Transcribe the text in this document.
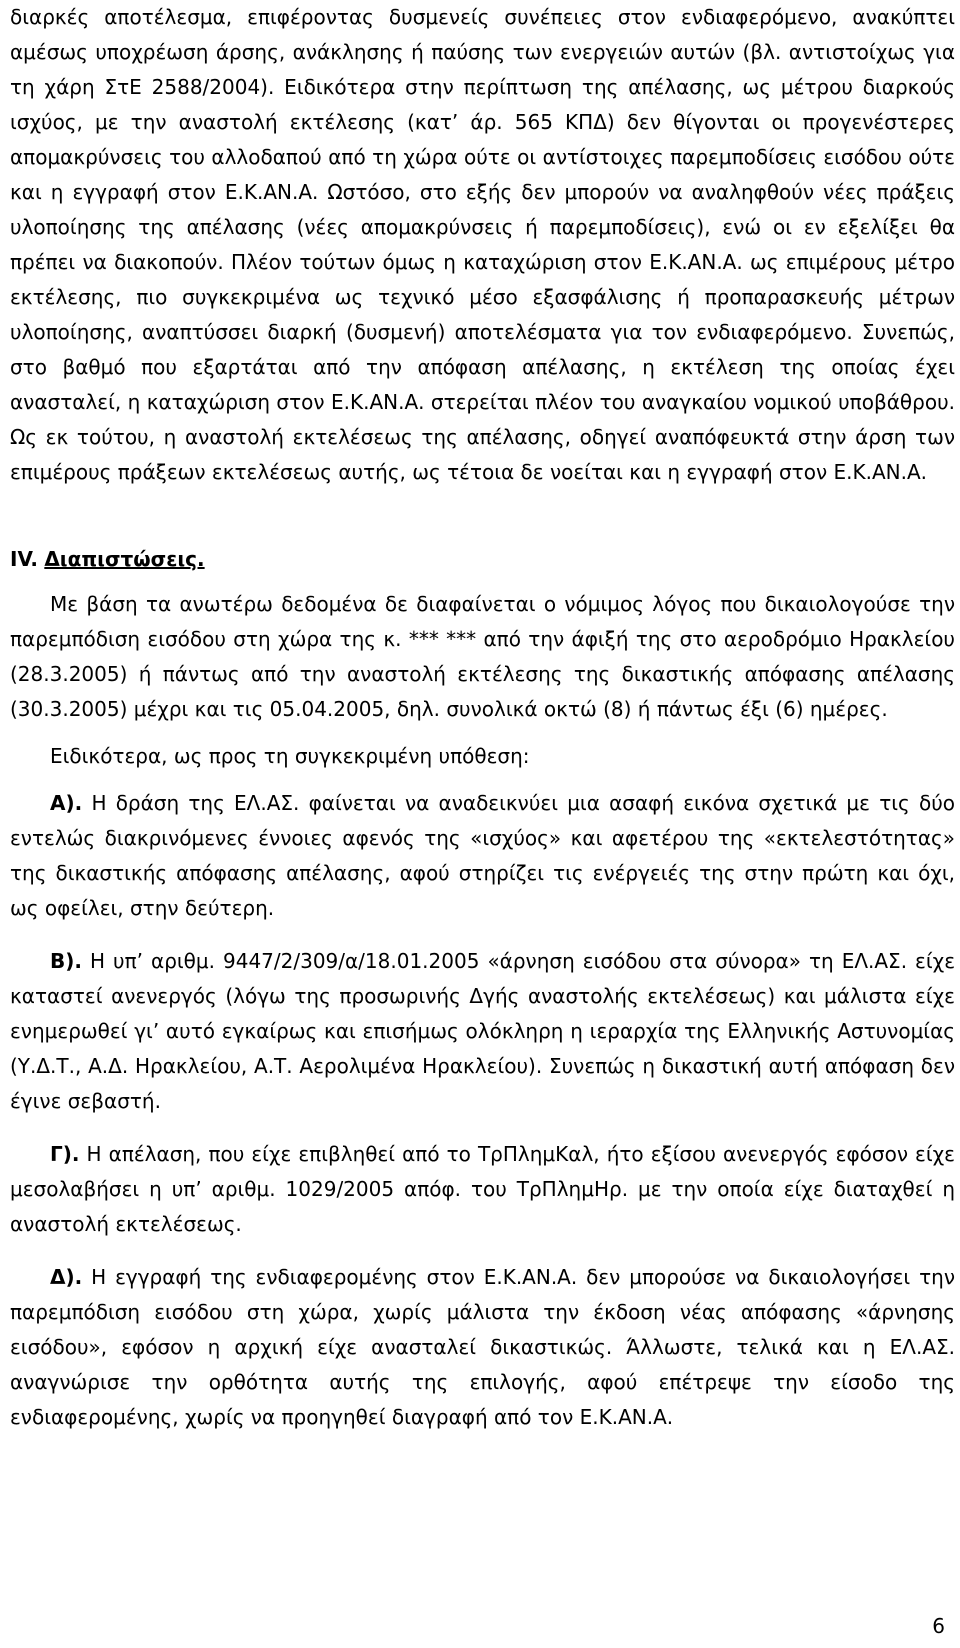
διαρκές αποτέλεσμα, επιφέροντας δυσμενείς συνέπειες στον ενδιαφερόμενο, ανακύπτει αμέσως υποχρέωση άρσης, ανάκλησης ή παύσης των ενεργειών αυτών (βλ. αντιστοίχως για τη χάρη ΣτΕ 2588/2004). Ειδικότερα στην περίπτωση της απέλασης, ως μέτρου διαρκούς ισχύος, με την αναστολή εκτέλεσης (κατ’ άρ. 565 ΚΠΔ) δεν θίγονται οι προγενέστερες απομακρύνσεις του αλλοδαπού από τη χώρα ούτε οι αντίστοιχες παρεμποδίσεις εισόδου ούτε και η εγγραφή στον Ε.Κ.ΑΝ.Α. Ωστόσο, στο εξής δεν μπορούν να αναληφθούν νέες πράξεις υλοποίησης της απέλασης (νέες απομακρύνσεις ή παρεμποδίσεις), ενώ οι εν εξελίξει θα πρέπει να διακοπούν. Πλέον τούτων όμως η καταχώριση στον Ε.Κ.ΑΝ.Α. ως επιμέρους μέτρο εκτέλεσης, πιο συγκεκριμένα ως τεχνικό μέσο εξασφάλισης ή προπαρασκευής μέτρων υλοποίησης, αναπτύσσει διαρκή (δυσμενή) αποτελέσματα για τον ενδιαφερόμενο. Συνεπώς, στο βαθμό που εξαρτάται από την απόφαση απέλασης, η εκτέλεση της οποίας έχει ανασταλεί, η καταχώριση στον Ε.Κ.ΑΝ.Α. στερείται πλέον του αναγκαίου νομικού υποβάθρου. Ως εκ τούτου, η αναστολή εκτελέσεως της απέλασης, οδηγεί αναπόφευκτά στην άρση των επιμέρους πράξεων εκτελέσεως αυτής, ως τέτοια δε νοείται και η εγγραφή στον Ε.Κ.ΑΝ.Α.

IV. Διαπιστώσεις.

Με βάση τα ανωτέρω δεδομένα δε διαφαίνεται ο νόμιμος λόγος που δικαιολογούσε την παρεμπόδιση εισόδου στη χώρα της κ. *** *** από την άφιξή της στο αεροδρόμιο Ηρακλείου (28.3.2005) ή πάντως από την αναστολή εκτέλεσης της δικαστικής απόφασης απέλασης (30.3.2005) μέχρι και τις 05.04.2005, δηλ. συνολικά οκτώ (8) ή πάντως έξι (6) ημέρες.

Ειδικότερα, ως προς τη συγκεκριμένη υπόθεση:

Α). Η δράση της ΕΛ.ΑΣ. φαίνεται να αναδεικνύει μια ασαφή εικόνα σχετικά με τις δύο εντελώς διακρινόμενες έννοιες αφενός της «ισχύος» και αφετέρου της «εκτελεστότητας» της δικαστικής απόφασης απέλασης, αφού στηρίζει τις ενέργειές της στην πρώτη και όχι, ως οφείλει, στην δεύτερη.

Β). Η υπ’ αριθμ. 9447/2/309/α/18.01.2005 «άρνηση εισόδου στα σύνορα» τη ΕΛ.ΑΣ. είχε καταστεί ανενεργός (λόγω της προσωρινής Δγής αναστολής εκτελέσεως) και μάλιστα είχε ενημερωθεί γι’ αυτό εγκαίρως και επισήμως ολόκληρη η ιεραρχία της Ελληνικής Αστυνομίας (Υ.Δ.Τ., Α.Δ. Ηρακλείου, Α.Τ. Αερολιμένα Ηρακλείου). Συνεπώς η δικαστική αυτή απόφαση δεν έγινε σεβαστή.

Γ). Η απέλαση, που είχε επιβληθεί από το ΤρΠλημΚαλ, ήτο εξίσου ανενεργός εφόσον είχε μεσολαβήσει η υπ’ αριθμ. 1029/2005 απόφ. του ΤρΠλημΗρ. με την οποία είχε διαταχθεί η αναστολή εκτελέσεως.

Δ). Η εγγραφή της ενδιαφερομένης στον Ε.Κ.ΑΝ.Α. δεν μπορούσε να δικαιολογήσει την παρεμπόδιση εισόδου στη χώρα, χωρίς μάλιστα την έκδοση νέας απόφασης «άρνησης εισόδου», εφόσον η αρχική είχε ανασταλεί δικαστικώς. Άλλωστε, τελικά και η ΕΛ.ΑΣ. αναγνώρισε την ορθότητα αυτής της επιλογής, αφού επέτρεψε την είσοδο της ενδιαφερομένης, χωρίς να προηγηθεί διαγραφή από τον Ε.Κ.ΑΝ.Α.

6
